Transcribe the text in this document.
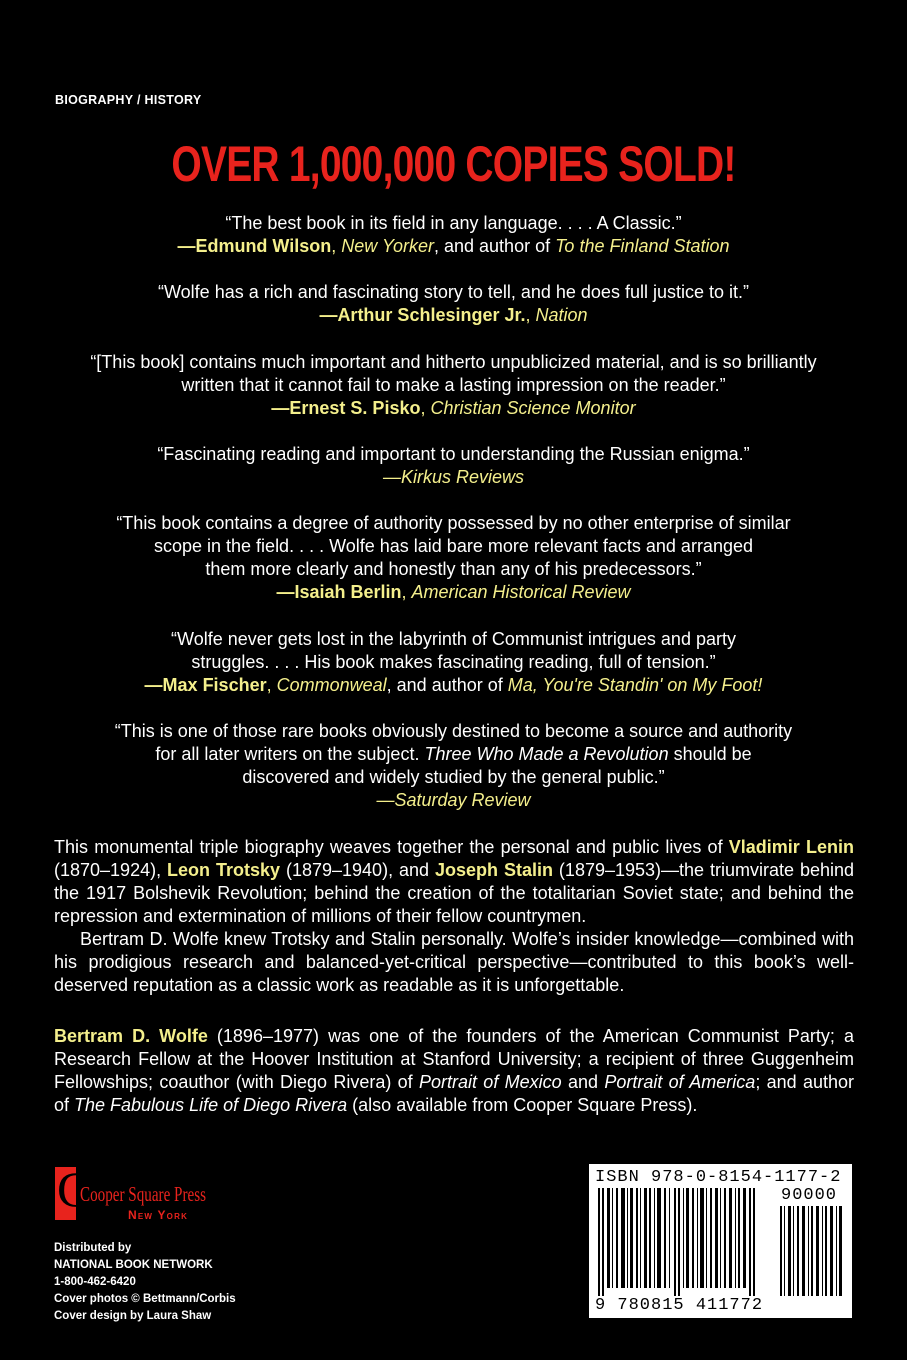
BIOGRAPHY / HISTORY
OVER 1,000,000 COPIES SOLD!
“The best book in its field in any language. . . . A Classic.”
—Edmund Wilson, New Yorker, and author of To the Finland Station
“Wolfe has a rich and fascinating story to tell, and he does full justice to it.”
—Arthur Schlesinger Jr., Nation
“[This book] contains much important and hitherto unpublicized material, and is so brilliantly
written that it cannot fail to make a lasting impression on the reader.”
—Ernest S. Pisko, Christian Science Monitor
“Fascinating reading and important to understanding the Russian enigma.”
—Kirkus Reviews
“This book contains a degree of authority possessed by no other enterprise of similar
scope in the field. . . . Wolfe has laid bare more relevant facts and arranged
them more clearly and honestly than any of his predecessors.”
—Isaiah Berlin, American Historical Review
“Wolfe never gets lost in the labyrinth of Communist intrigues and party
struggles. . . . His book makes fascinating reading, full of tension.”
—Max Fischer, Commonweal, and author of Ma, You're Standin' on My Foot!
“This is one of those rare books obviously destined to become a source and authority
for all later writers on the subject. Three Who Made a Revolution should be
discovered and widely studied by the general public.”
—Saturday Review
This monumental triple biography weaves together the personal and public lives of Vladimir Lenin (1870–1924), Leon Trotsky (1879–1940), and Joseph Stalin (1879–1953)—the triumvirate behind the 1917 Bolshevik Revolution; behind the creation of the totalitarian Soviet state; and behind the repression and extermination of millions of their fellow countrymen.
Bertram D. Wolfe knew Trotsky and Stalin personally. Wolfe’s insider knowledge—combined with his prodigious research and balanced-yet-critical perspective—contributed to this book’s well-deserved reputation as a classic work as readable as it is unforgettable.
Bertram D. Wolfe (1896–1977) was one of the founders of the American Communist Party; a Research Fellow at the Hoover Institution at Stanford University; a recipient of three Guggenheim Fellowships; coauthor (with Diego Rivera) of Portrait of Mexico and Portrait of America; and author of The Fabulous Life of Diego Rivera (also available from Cooper Square Press).
C
Cooper Square Press
New York
Distributed by
NATIONAL BOOK NETWORK
1-800-462-6420
Cover photos © Bettmann/Corbis
Cover design by Laura Shaw
ISBN 978-0-8154-1177-2
90000
9 780815 411772
